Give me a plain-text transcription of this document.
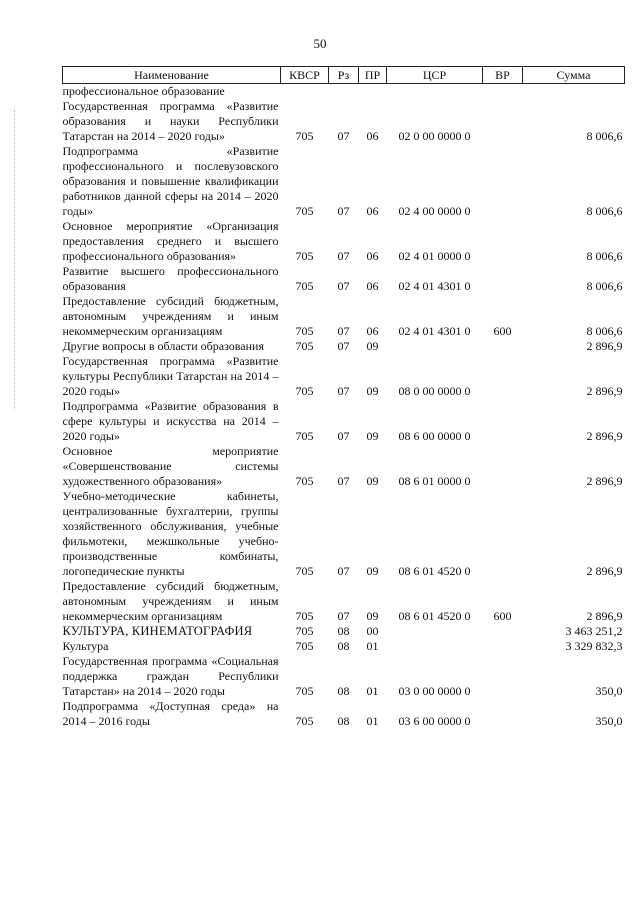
50
Наименование	КВСР	Рз	ПР	ЦСР	ВР	Сумма
профессиональное образование						
Государственная программа «Развитие образования и науки Республики Татарстан на 2014 – 2020 годы»	705	07	06	02 0 00 0000 0		8 006,6
Подпрограмма «Развитие профессионального и послевузовского образования и повышение квалификации работников данной сферы на 2014 – 2020 годы»	705	07	06	02 4 00 0000 0		8 006,6
Основное мероприятие «Организация предоставления среднего и высшего профессионального образования»	705	07	06	02 4 01 0000 0		8 006,6
Развитие высшего профессионального образования	705	07	06	02 4 01 4301 0		8 006,6
Предоставление субсидий бюджетным, автономным учреждениям и иным некоммерческим организациям	705	07	06	02 4 01 4301 0	600	8 006,6
Другие вопросы в области образования	705	07	09			2 896,9
Государственная программа «Развитие культуры Республики Татарстан на 2014 – 2020 годы»	705	07	09	08 0 00 0000 0		2 896,9
Подпрограмма «Развитие образования в сфере культуры и искусства на 2014 – 2020 годы»	705	07	09	08 6 00 0000 0		2 896,9
Основное мероприятие «Совершенствование системы художественного образования»	705	07	09	08 6 01 0000 0		2 896,9
Учебно-методические кабинеты, централизованные бухгалтерии, группы хозяйственного обслуживания, учебные фильмотеки, межшкольные учебно-производственные комбинаты, логопедические пункты	705	07	09	08 6 01 4520 0		2 896,9
Предоставление субсидий бюджетным, автономным учреждениям и иным некоммерческим организациям	705	07	09	08 6 01 4520 0	600	2 896,9
КУЛЬТУРА, КИНЕМАТОГРАФИЯ	705	08	00			3 463 251,2
Культура	705	08	01			3 329 832,3
Государственная программа «Социальная поддержка граждан Республики Татарстан» на 2014 – 2020 годы	705	08	01	03 0 00 0000 0		350,0
Подпрограмма «Доступная среда» на 2014 – 2016 годы	705	08	01	03 6 00 0000 0		350,0
